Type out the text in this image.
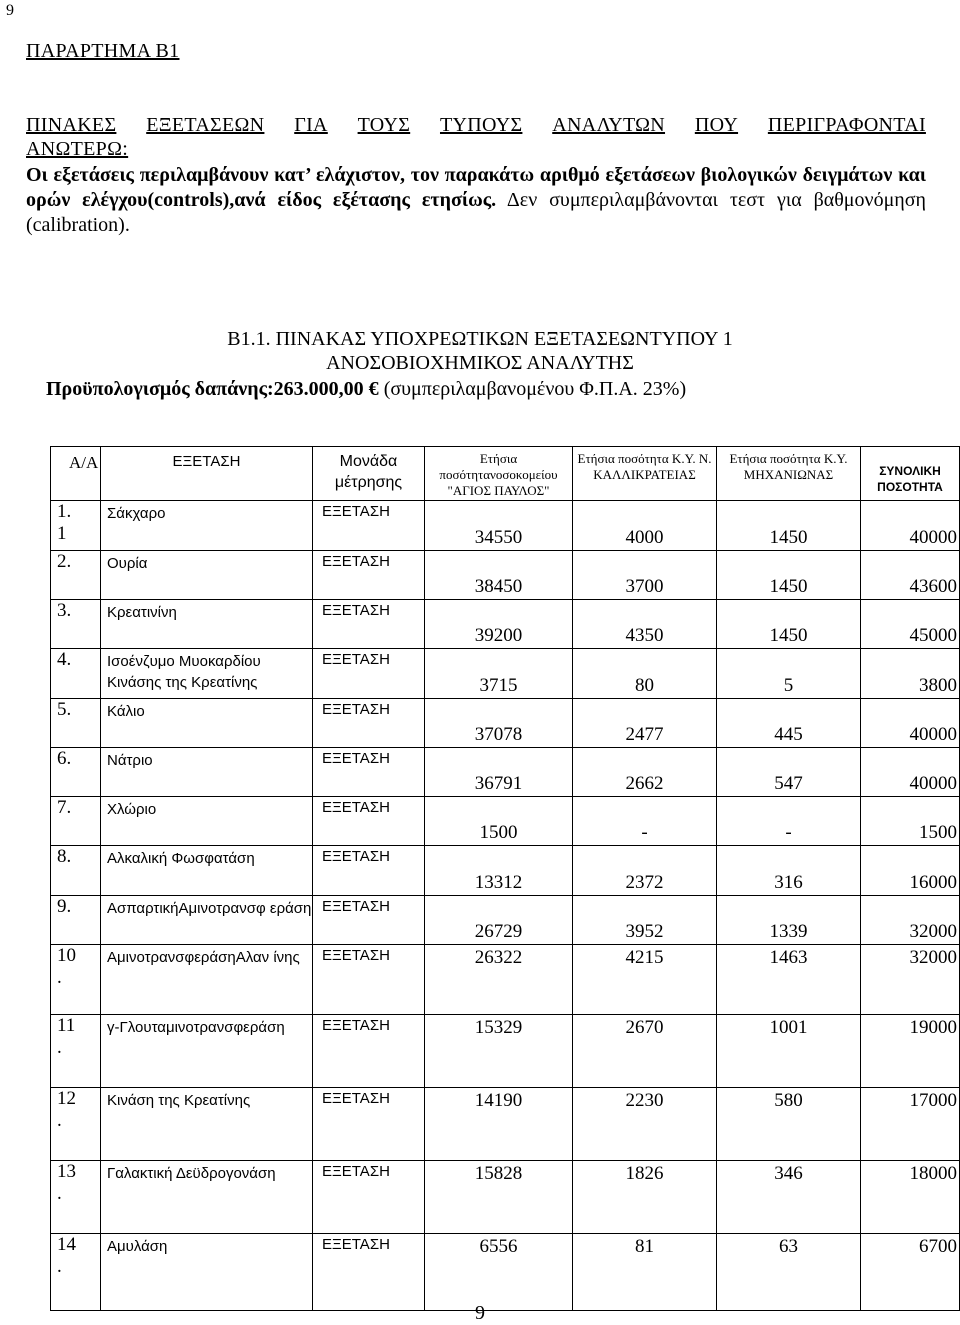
9
ΠΑΡΑΡΤΗΜΑ Β1
ΠΙΝΑΚΕΣ ΕΞΕΤΑΣΕΩΝ ΓΙΑ ΤΟΥΣ ΤΥΠΟΥΣ ΑΝΑΛΥΤΩΝ ΠΟΥ ΠΕΡΙΓΡΑΦΟΝΤΑΙ
ΑΝΩΤΕΡΩ:
Οι εξετάσεις περιλαμβάνουν κατ’ ελάχιστον, τον παρακάτω αριθμό εξετάσεων βιολογικών δειγμάτων και ορών ελέγχου(controls),ανά είδος εξέτασης ετησίως. Δεν συμπεριλαμβάνονται τεστ για βαθμονόμηση (calibration).
Β1.1. ΠΙΝΑΚΑΣ ΥΠΟΧΡΕΩΤΙΚΩΝ ΕΞΕΤΑΣΕΩΝΤΥΠΟΥ 1
ΑΝΟΣΟΒΙΟΧΗΜΙΚΟΣ ΑΝΑΛΥΤΗΣ
Προϋπολογισμός δαπάνης:263.000,00 € (συμπεριλαμβανομένου Φ.Π.Α. 23%)
Α/Α	ΕΞΕΤΑΣΗ	Μονάδα μέτρησης	Ετήσια ποσότητανοσοκομείου "ΑΓΙΟΣ ΠΑΥΛΟΣ"	Ετήσια ποσότητα Κ.Υ. Ν. ΚΑΛΛΙΚΡΑΤΕΙΑΣ	Ετήσια ποσότητα Κ.Υ. ΜΗΧΑΝΙΩΝΑΣ	ΣΥΝΟΛΙΚΗ ΠΟΣΟΤΗΤΑ
1.
1	Σάκχαρο	ΕΞΕΤΑΣΗ	34550	4000	1450	40000

2.	Ουρία	ΕΞΕΤΑΣΗ	38450	3700	1450	43600

3.	Κρεατινίνη	ΕΞΕΤΑΣΗ	39200	4350	1450	45000

4.	Ισοένζυμο Μυοκαρδίου Κινάσης της Κρεατίνης	ΕΞΕΤΑΣΗ	3715	80	5	3800

5.	Κάλιο	ΕΞΕΤΑΣΗ	37078	2477	445	40000

6.	Νάτριο	ΕΞΕΤΑΣΗ	36791	2662	547	40000

7.	Χλώριο	ΕΞΕΤΑΣΗ	1500	-	-	1500

8.	Αλκαλική Φωσφατάση	ΕΞΕΤΑΣΗ	13312	2372	316	16000

9.	ΑσπαρτικήΑμινοτρανσφ εράση	ΕΞΕΤΑΣΗ	26729	3952	1339	32000

10
.	ΑμινοτρανσφεράσηΑλαν ίνης	ΕΞΕΤΑΣΗ	26322	4215	1463	32000

11
.	γ-Γλουταμινοτρανσφεράση	ΕΞΕΤΑΣΗ	15329	2670	1001	19000

12
.	Κινάση της Κρεατίνης	ΕΞΕΤΑΣΗ	14190	2230	580	17000

13
.	Γαλακτική Δεϋδρογονάση	ΕΞΕΤΑΣΗ	15828	1826	346	18000

14
.	Αμυλάση	ΕΞΕΤΑΣΗ	6556	81	63	6700
9
